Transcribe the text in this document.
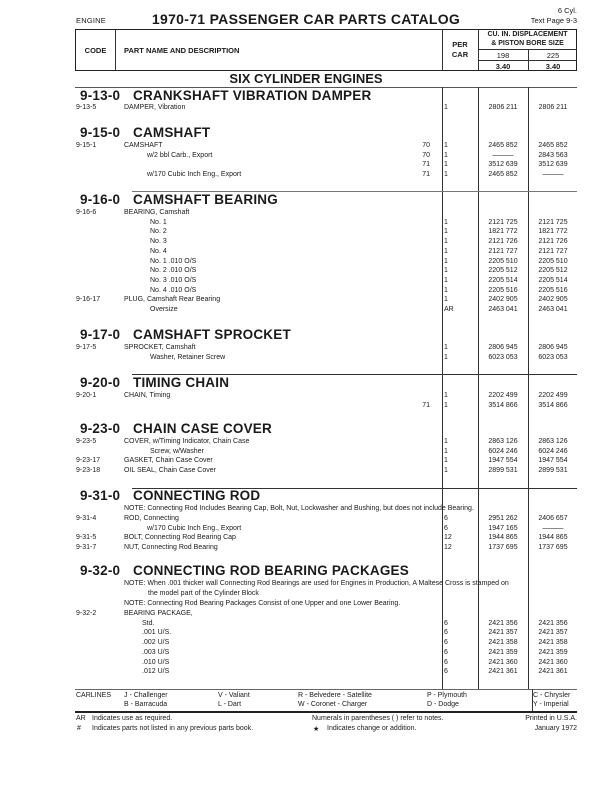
ENGINE	1970-71 PASSENGER CAR PARTS CATALOG
6 Cyl.
Text Page 9-3
CODE	PART NAME AND DESCRIPTION
PER
CAR
CU. IN. DISPLACEMENT
& PISTON BORE SIZE
198	225
3.40	3.40
SIX CYLINDER ENGINES
9-13-0 CRANKSHAFT VIBRATION DAMPER
9-13-5	DAMPER, Vibration	1	2806 211	2806 211
9-15-0 CAMSHAFT
9-15-1	CAMSHAFT	70 1	2465 852	2465 852
w/2 bbl Carb., Export	70 1	———	2843 563
71 1	3512 639	3512 639
w/170 Cubic Inch Eng., Export	71 1	2465 852	———
9-16-0 CAMSHAFT BEARING
9-16-6	BEARING, Camshaft
No. 1	1	2121 725	2121 725
No. 2	1	1821 772	1821 772
No. 3	1	2121 726	2121 726
No. 4	1	2121 727	2121 727
No. 1 .010 O/S	1	2205 510	2205 510
No. 2 .010 O/S	1	2205 512	2205 512
No. 3 .010 O/S	1	2205 514	2205 514
No. 4 .010 O/S	1	2205 516	2205 516
9-16-17	PLUG, Camshaft Rear Bearing	1	2402 905	2402 905
Oversize	AR	2463 041	2463 041
9-17-0 CAMSHAFT SPROCKET
9-17-5	SPROCKET, Camshaft	1	2806 945	2806 945
Washer, Retainer Screw	1	6023 053	6023 053
9-20-0 TIMING CHAIN
9-20-1	CHAIN, Timing	1	2202 499	2202 499
71 1	3514 866	3514 866
9-23-0 CHAIN CASE COVER
9-23-5	COVER, w/Timing Indicator, Chain Case	1	2863 126	2863 126
Screw, w/Washer	1	6024 246	6024 246
9-23-17	GASKET, Chain Case Cover	1	1947 554	1947 554
9-23-18	OIL SEAL, Chain Case Cover	1	2899 531	2899 531
9-31-0 CONNECTING ROD
NOTE: Connecting Rod Includes Bearing Cap, Bolt, Nut, Lockwasher and Bushing, but does not include Bearing.
9-31-4	ROD, Connecting	6	2951 262	2406 657
w/170 Cubic Inch Eng., Export	6	1947 165	———
9-31-5	BOLT, Connecting Rod Bearing Cap	12	1944 865	1944 865
9-31-7	NUT, Connecting Rod Bearing	12	1737 695	1737 695
9-32-0 CONNECTING ROD BEARING PACKAGES
NOTE: When .001 thicker wall Connecting Rod Bearings are used for Engines in Production, A Maltese Cross is stamped on
the model part of the Cylinder Block
NOTE: Connecting Rod Bearing Packages Consist of one Upper and one Lower Bearing.
9-32-2	BEARING PACKAGE,
Std.	6	2421 356	2421 356
.001 U/S.	6	2421 357	2421 357
.002 U/S	6	2421 358	2421 358
.003 U/S	6	2421 359	2421 359
.010 U/S	6	2421 360	2421 360
.012 U/S	6	2421 361	2421 361
CARLINES J - Challenger
B - Barracuda
V - Valiant
L - Dart
R - Belvedere - Satellite
W - Coronet - Charger
P - Plymouth
D - Dodge
C - Chrysler
Y - Imperial
AR Indicates use as required.
# Indicates parts not listed in any previous parts book.
Numerals in parentheses ( ) refer to notes.
★ Indicates change or addition.
Printed in U.S.A.
January 1972
